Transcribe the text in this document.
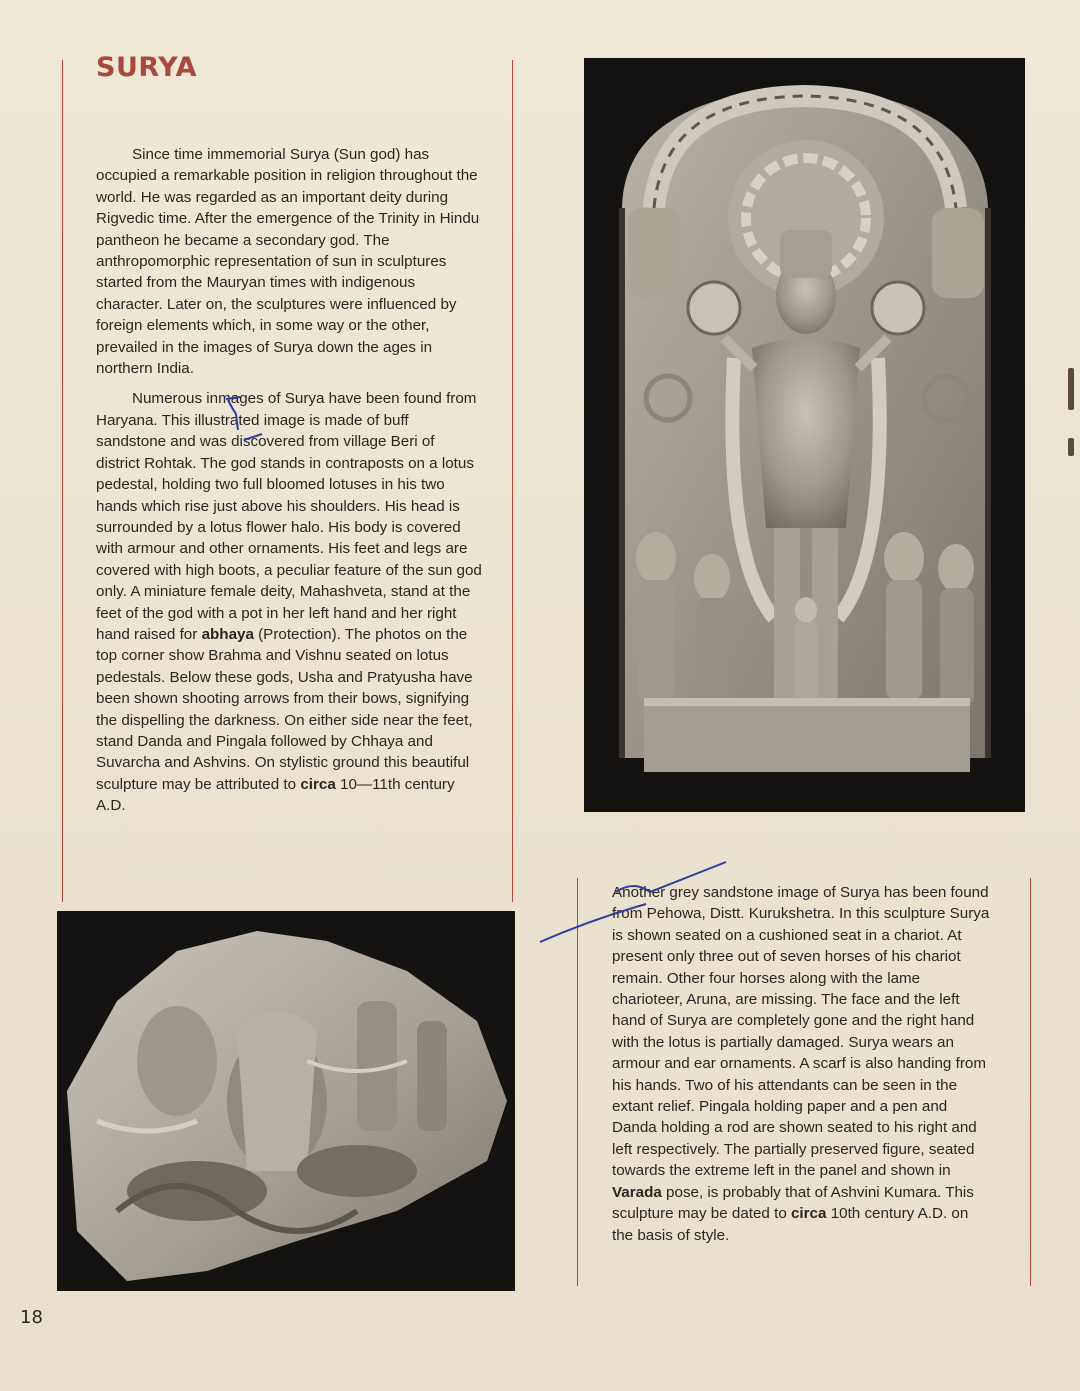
SURYA

Since time immemorial Surya (Sun god) has occupied a remarkable position in religion throughout the world. He was regarded as an important deity during Rigvedic time. After the emergence of the Trinity in Hindu pantheon he became a secondary god. The anthropomorphic representation of sun in sculptures started from the Mauryan times with indigenous character. Later on, the sculptures were influenced by foreign elements which, in some way or the other, prevailed in the images of Surya down the ages in northern India.

Numerous inmages of Surya have been found from Haryana. This illustrated image is made of buff sandstone and was discovered from village Beri of district Rohtak. The god stands in contraposts on a lotus pedestal, holding two full bloomed lotuses in his two hands which rise just above his shoulders. His head is surrounded by a lotus flower halo. His body is covered with armour and other ornaments. His feet and legs are covered with high boots, a peculiar feature of the sun god only. A miniature female deity, Mahashveta, stand at the feet of the god with a pot in her left hand and her right hand raised for abhaya (Protection). The photos on the top corner show Brahma and Vishnu seated on lotus pedestals. Below these gods, Usha and Pratyusha have been shown shooting arrows from their bows, signifying the dispelling the darkness. On either side near the feet, stand Danda and Pingala followed by Chhaya and Suvarcha and Ashvins. On stylistic ground this beautiful sculpture may be attributed to circa 10—11th century A.D.

Another grey sandstone image of Surya has been found from Pehowa, Distt. Kurukshetra. In this sculpture Surya is shown seated on a cushioned seat in a chariot. At present only three out of seven horses of his chariot remain. Other four horses along with the lame charioteer, Aruna, are missing. The face and the left hand of Surya are completely gone and the right hand with the lotus is partially damaged. Surya wears an armour and ear ornaments. A scarf is also handing from his hands. Two of his attendants can be seen in the extant relief. Pingala holding paper and a pen and Danda holding a rod are shown seated to his right and left respectively. The partially preserved figure, seated towards the extreme left in the panel and shown in Varada pose, is probably that of Ashvini Kumara. This sculpture may be dated to circa 10th century A.D. on the basis of style.

18
